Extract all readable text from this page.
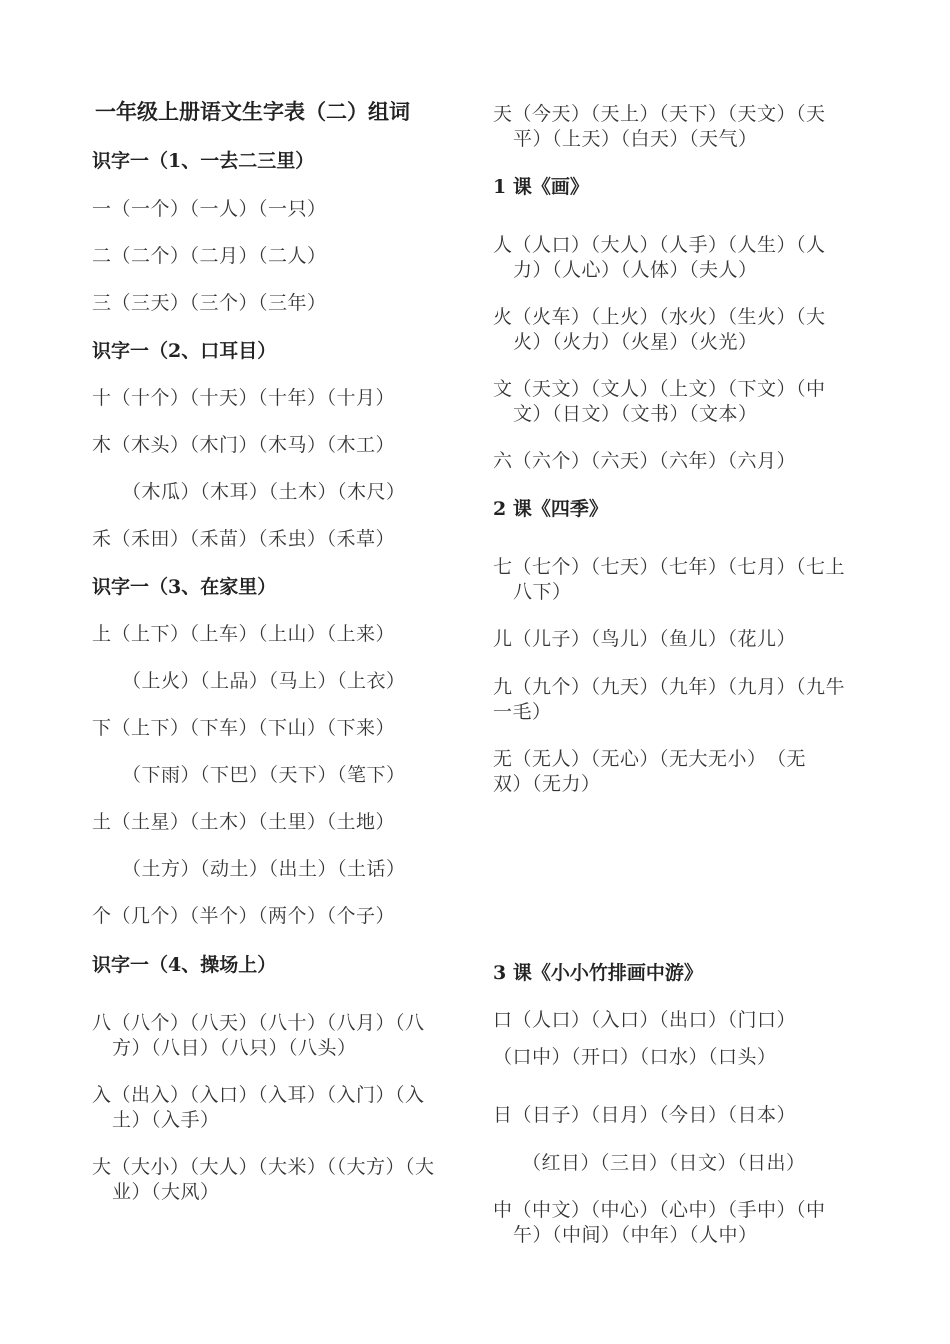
一年级上册语文生字表（二）组词
识字一（1、一去二三里）
一（一个）（一人）（一只）
二（二个）（二月）（二人）
三（三天）（三个）（三年）
识字一（2、口耳目）
十（十个）（十天）（十年）（十月）
木（木头）（木门）（木马）（木工）
（木瓜）（木耳）（土木）（木尺）
禾（禾田）（禾苗）（禾虫）（禾草）
识字一（3、在家里）
上（上下）（上车）（上山）（上来）
（上火）（上品）（马上）（上衣）
下（上下）（下车）（下山）（下来）
（下雨）（下巴）（天下）（笔下）
土（土星）（土木）（土里）（土地）
（土方）（动土）（出土）（土话）
个（几个）（半个）（两个）（个子）
识字一（4、操场上）
八（八个）（八天）（八十）（八月）（八
方）（八日）（八只）（八头）
入（出入）（入口）（入耳）（入门）（入
土）（入手）
大（大小）（大人）（大米）（（大方）（大
业）（大风）
天（今天）（天上）（天下）（天文）（天
平）（上天）（白天）（天气）
1 课《画》
人（人口）（大人）（人手）（人生）（人
力）（人心）（人体）（夫人）
火（火车）（上火）（水火）（生火）（大
火）（火力）（火星）（火光）
文（天文）（文人）（上文）（下文）（中
文）（日文）（文书）（文本）
六（六个）（六天）（六年）（六月）
2 课《四季》
七（七个）（七天）（七年）（七月）（七上
八下）
儿（儿子）（鸟儿）（鱼儿）（花儿）
九（九个）（九天）（九年）（九月）（九牛
一毛）
无（无人）（无心）（无大无小）　（无
双）（无力）
3 课《小小竹排画中游》
口（人口）（入口）（出口）（门口）
（口中）（开口）（口水）（口头）
日（日子）（日月）（今日）（日本）
（红日）（三日）（日文）（日出）
中（中文）（中心）（心中）（手中）（中
午）（中间）（中年）（人中）
